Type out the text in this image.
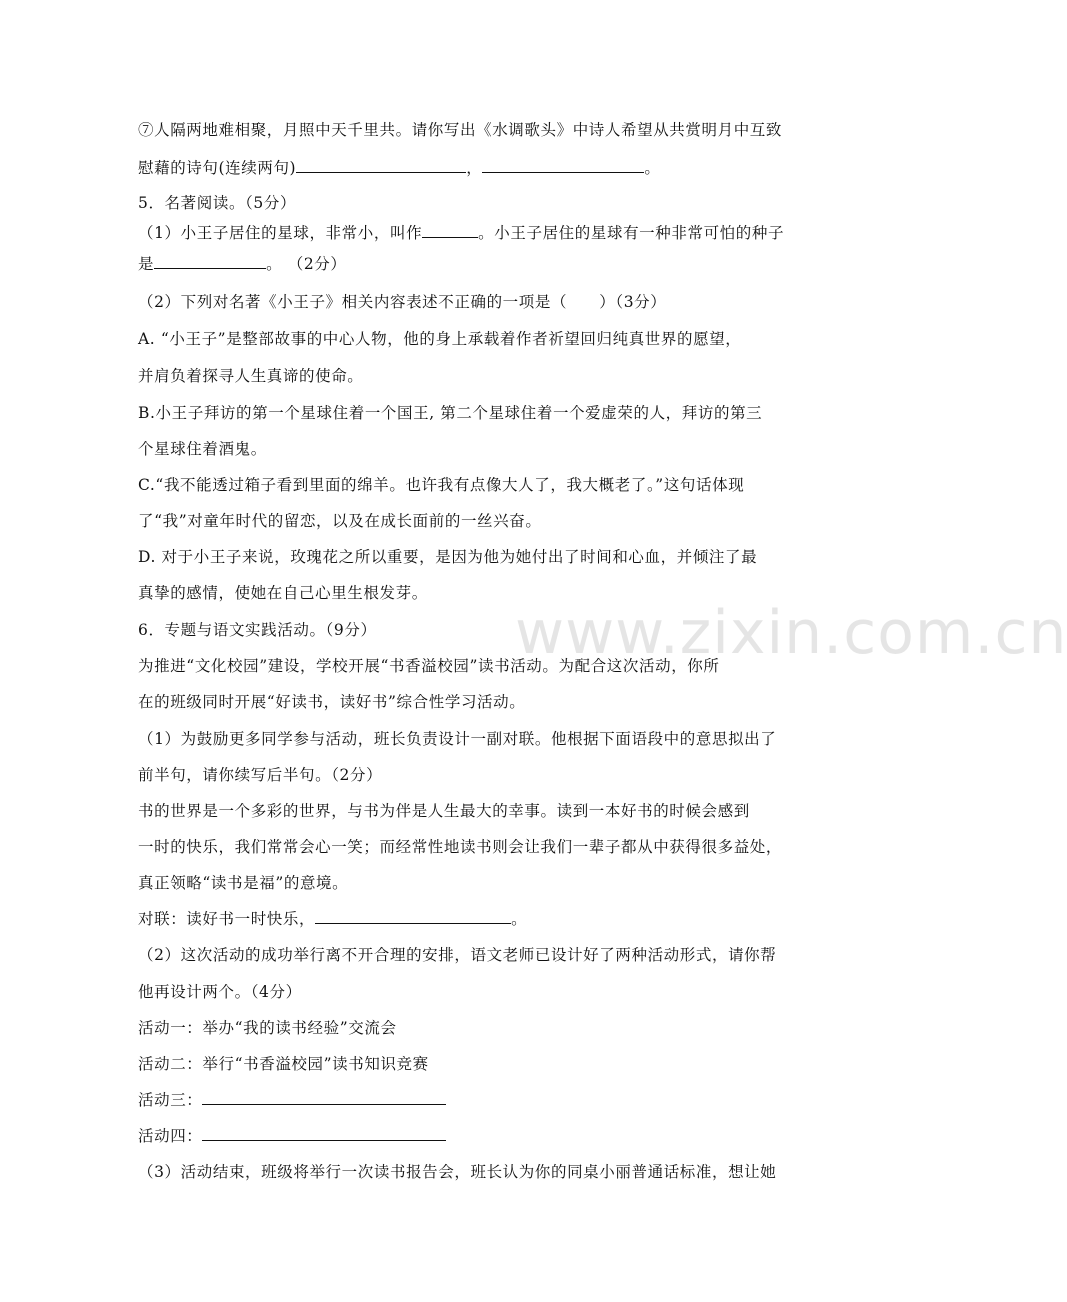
⑦人隔两地难相聚，月照中天千里共。请你写出《水调歌头》中诗人希望从共赏明月中互致
慰藉的诗句(连续两句)	，	。
5．名著阅读。（5分）
（1）小王子居住的星球，非常小，叫作	。小王子居住的星球有一种非常可怕的种子
是	。 （2分）
（2）下列对名著《小王子》相关内容表述不正确的一项是（　　）（3分）
A. “小王子”是整部故事的中心人物，他的身上承载着作者祈望回归纯真世界的愿望，
并肩负着探寻人生真谛的使命。
B.小王子拜访的第一个星球住着一个国王, 第二个星球住着一个爱虚荣的人，拜访的第三
个星球住着酒鬼。
C.“我不能透过箱子看到里面的绵羊。也许我有点像大人了，我大概老了。”这句话体现
了“我”对童年时代的留恋，以及在成长面前的一丝兴奋。
D. 对于小王子来说，玫瑰花之所以重要，是因为他为她付出了时间和心血，并倾注了最
真挚的感情，使她在自己心里生根发芽。
6．专题与语文实践活动。（9分）
为推进“文化校园”建设，学校开展“书香溢校园”读书活动。为配合这次活动，你所
在的班级同时开展“好读书，读好书”综合性学习活动。
（1）为鼓励更多同学参与活动，班长负责设计一副对联。他根据下面语段中的意思拟出了
前半句，请你续写后半句。（2分）
书的世界是一个多彩的世界，与书为伴是人生最大的幸事。读到一本好书的时候会感到
一时的快乐，我们常常会心一笑；而经常性地读书则会让我们一辈子都从中获得很多益处，
真正领略“读书是福”的意境。
对联：读好书一时快乐，	。
（2）这次活动的成功举行离不开合理的安排，语文老师已设计好了两种活动形式，请你帮
他再设计两个。（4分）
活动一：举办“我的读书经验”交流会
活动二：举行“书香溢校园”读书知识竞赛
活动三：
活动四：
（3）活动结束，班级将举行一次读书报告会，班长认为你的同桌小丽普通话标准，想让她
www.zixin.com.cn
